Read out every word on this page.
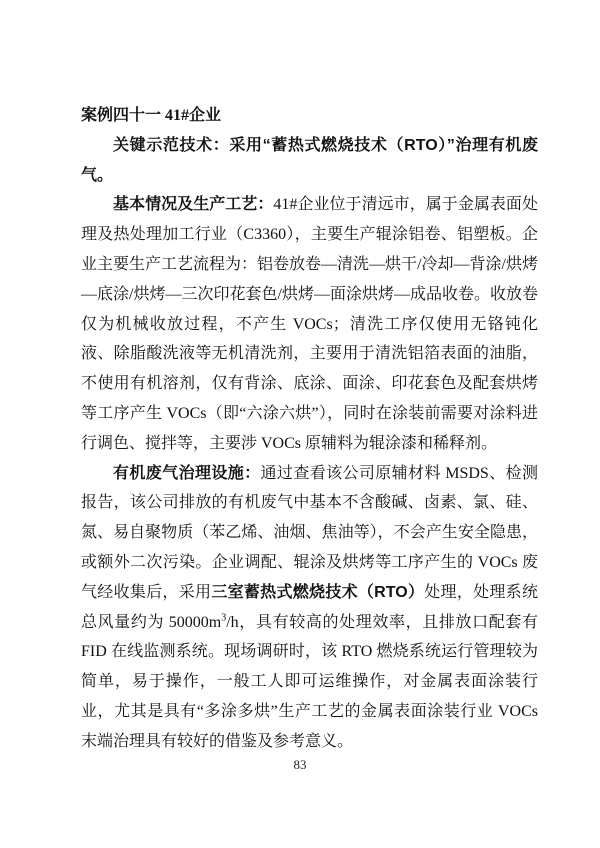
案例四十一 41#企业

关键示范技术：采用“蓄热式燃烧技术（RTO）”治理有机废气。

基本情况及生产工艺：41#企业位于清远市，属于金属表面处理及热处理加工行业（C3360），主要生产辊涂铝卷、铝塑板。企业主要生产工艺流程为：铝卷放卷—清洗—烘干/冷却—背涂/烘烤—底涂/烘烤—三次印花套色/烘烤—面涂烘烤—成品收卷。收放卷仅为机械收放过程，不产生 VOCs；清洗工序仅使用无铬钝化液、除脂酸洗液等无机清洗剂，主要用于清洗铝箔表面的油脂，不使用有机溶剂，仅有背涂、底涂、面涂、印花套色及配套烘烤等工序产生 VOCs（即“六涂六烘”），同时在涂装前需要对涂料进行调色、搅拌等，主要涉 VOCs 原辅料为辊涂漆和稀释剂。

有机废气治理设施：通过查看该公司原辅材料 MSDS、检测报告，该公司排放的有机废气中基本不含酸碱、卤素、氯、硅、氮、易自聚物质（苯乙烯、油烟、焦油等），不会产生安全隐患，或额外二次污染。企业调配、辊涂及烘烤等工序产生的 VOCs 废气经收集后，采用三室蓄热式燃烧技术（RTO）处理，处理系统总风量约为 $50000m^3/h$，具有较高的处理效率，且排放口配套有 FID 在线监测系统。现场调研时，该 RTO 燃烧系统运行管理较为简单，易于操作，一般工人即可运维操作，对金属表面涂装行业，尤其是具有“多涂多烘”生产工艺的金属表面涂装行业 VOCs 末端治理具有较好的借鉴及参考意义。

83
